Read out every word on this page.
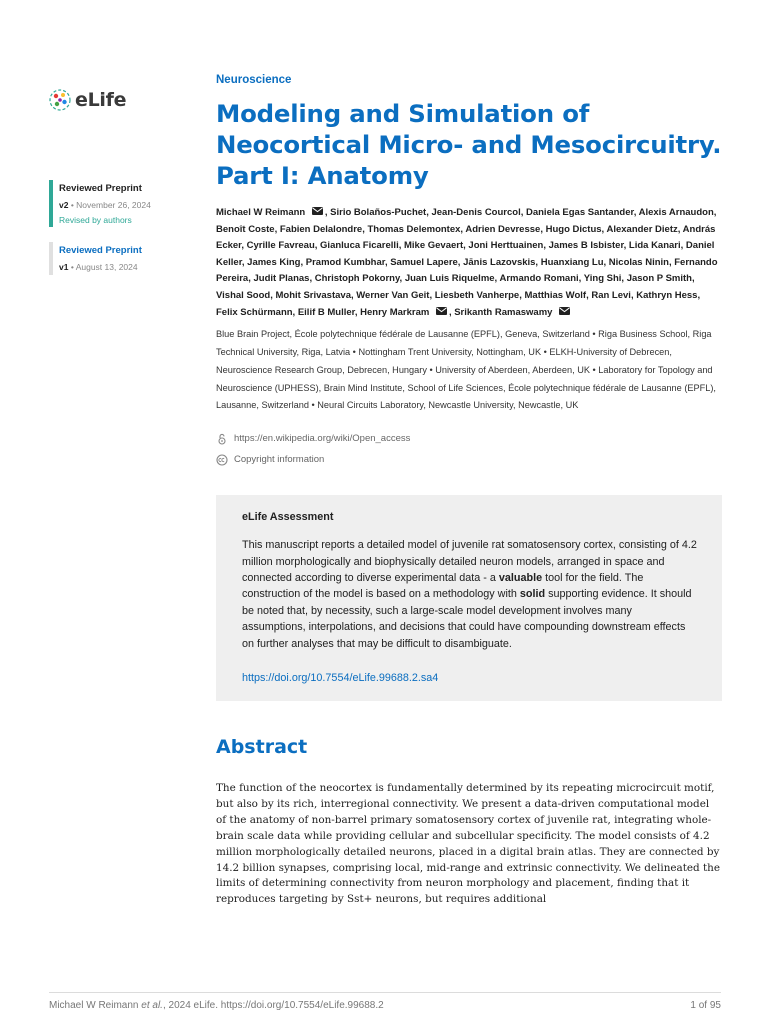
eLife
Reviewed Preprint
v2 • November 26, 2024
Revised by authors
Reviewed Preprint
v1 • August 13, 2024
Neuroscience
Modeling and Simulation of Neocortical Micro- and Mesocircuitry. Part I: Anatomy
Michael W Reimann , Sirio Bolaños-Puchet, Jean-Denis Courcol, Daniela Egas Santander, Alexis Arnaudon, Benoît Coste, Fabien Delalondre, Thomas Delemontex, Adrien Devresse, Hugo Dictus, Alexander Dietz, András Ecker, Cyrille Favreau, Gianluca Ficarelli, Mike Gevaert, Joni Herttuainen, James B Isbister, Lida Kanari, Daniel Keller, James King, Pramod Kumbhar, Samuel Lapere, Jānis Lazovskis, Huanxiang Lu, Nicolas Ninin, Fernando Pereira, Judit Planas, Christoph Pokorny, Juan Luis Riquelme, Armando Romani, Ying Shi, Jason P Smith, Vishal Sood, Mohit Srivastava, Werner Van Geit, Liesbeth Vanherpe, Matthias Wolf, Ran Levi, Kathryn Hess, Felix Schürmann, Eilif B Muller, Henry Markram , Srikanth Ramaswamy

Blue Brain Project, École polytechnique fédérale de Lausanne (EPFL), Geneva, Switzerland • Riga Business School, Riga Technical University, Riga, Latvia • Nottingham Trent University, Nottingham, UK • ELKH-University of Debrecen, Neuroscience Research Group, Debrecen, Hungary • University of Aberdeen, Aberdeen, UK • Laboratory for Topology and Neuroscience (UPHESS), Brain Mind Institute, School of Life Sciences, École polytechnique fédérale de Lausanne (EPFL), Lausanne, Switzerland • Neural Circuits Laboratory, Newcastle University, Newcastle, UK

https://en.wikipedia.org/wiki/Open_access
Copyright information
eLife Assessment

This manuscript reports a detailed model of juvenile rat somatosensory cortex, consisting of 4.2 million morphologically and biophysically detailed neuron models, arranged in space and connected according to diverse experimental data - a valuable tool for the field. The construction of the model is based on a methodology with solid supporting evidence. It should be noted that, by necessity, such a large-scale model development involves many assumptions, interpolations, and decisions that could have compounding downstream effects on further analyses that may be difficult to disambiguate.

https://doi.org/10.7554/eLife.99688.2.sa4
Abstract

The function of the neocortex is fundamentally determined by its repeating microcircuit motif, but also by its rich, interregional connectivity. We present a data-driven computational model of the anatomy of non-barrel primary somatosensory cortex of juvenile rat, integrating whole-brain scale data while providing cellular and subcellular specificity. The model consists of 4.2 million morphologically detailed neurons, placed in a digital brain atlas. They are connected by 14.2 billion synapses, comprising local, mid-range and extrinsic connectivity. We delineated the limits of determining connectivity from neuron morphology and placement, finding that it reproduces targeting by Sst+ neurons, but requires additional

Michael W Reimann et al., 2024 eLife. https://doi.org/10.7554/eLife.99688.2	1 of 95
